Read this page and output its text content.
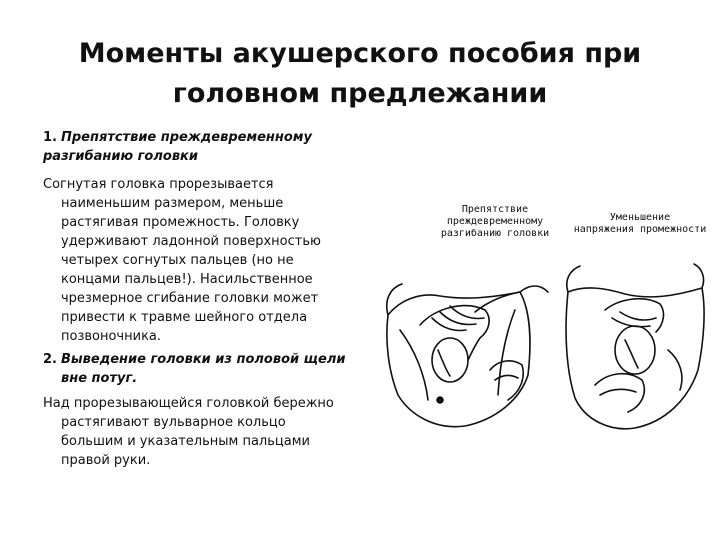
Моменты акушерского пособия при головном предлежании

1. Препятствие преждевременному разгибанию головки

Согнутая головка прорезывается наименьшим размером, меньше растягивая промежность. Головку удерживают ладонной поверхностью четырех согнутых пальцев (но не концами пальцев!). Насильственное чрезмерное сгибание головки может привести к травме шейного отдела позвоночника.

2. Выведение головки из половой щели вне потуг.

Над прорезывающейся головкой бережно растягивают вульварное кольцо большим и указательным пальцами правой руки.

Препятствие
преждевременному
разгибанию головки
Уменьшение
напряжения промежности
